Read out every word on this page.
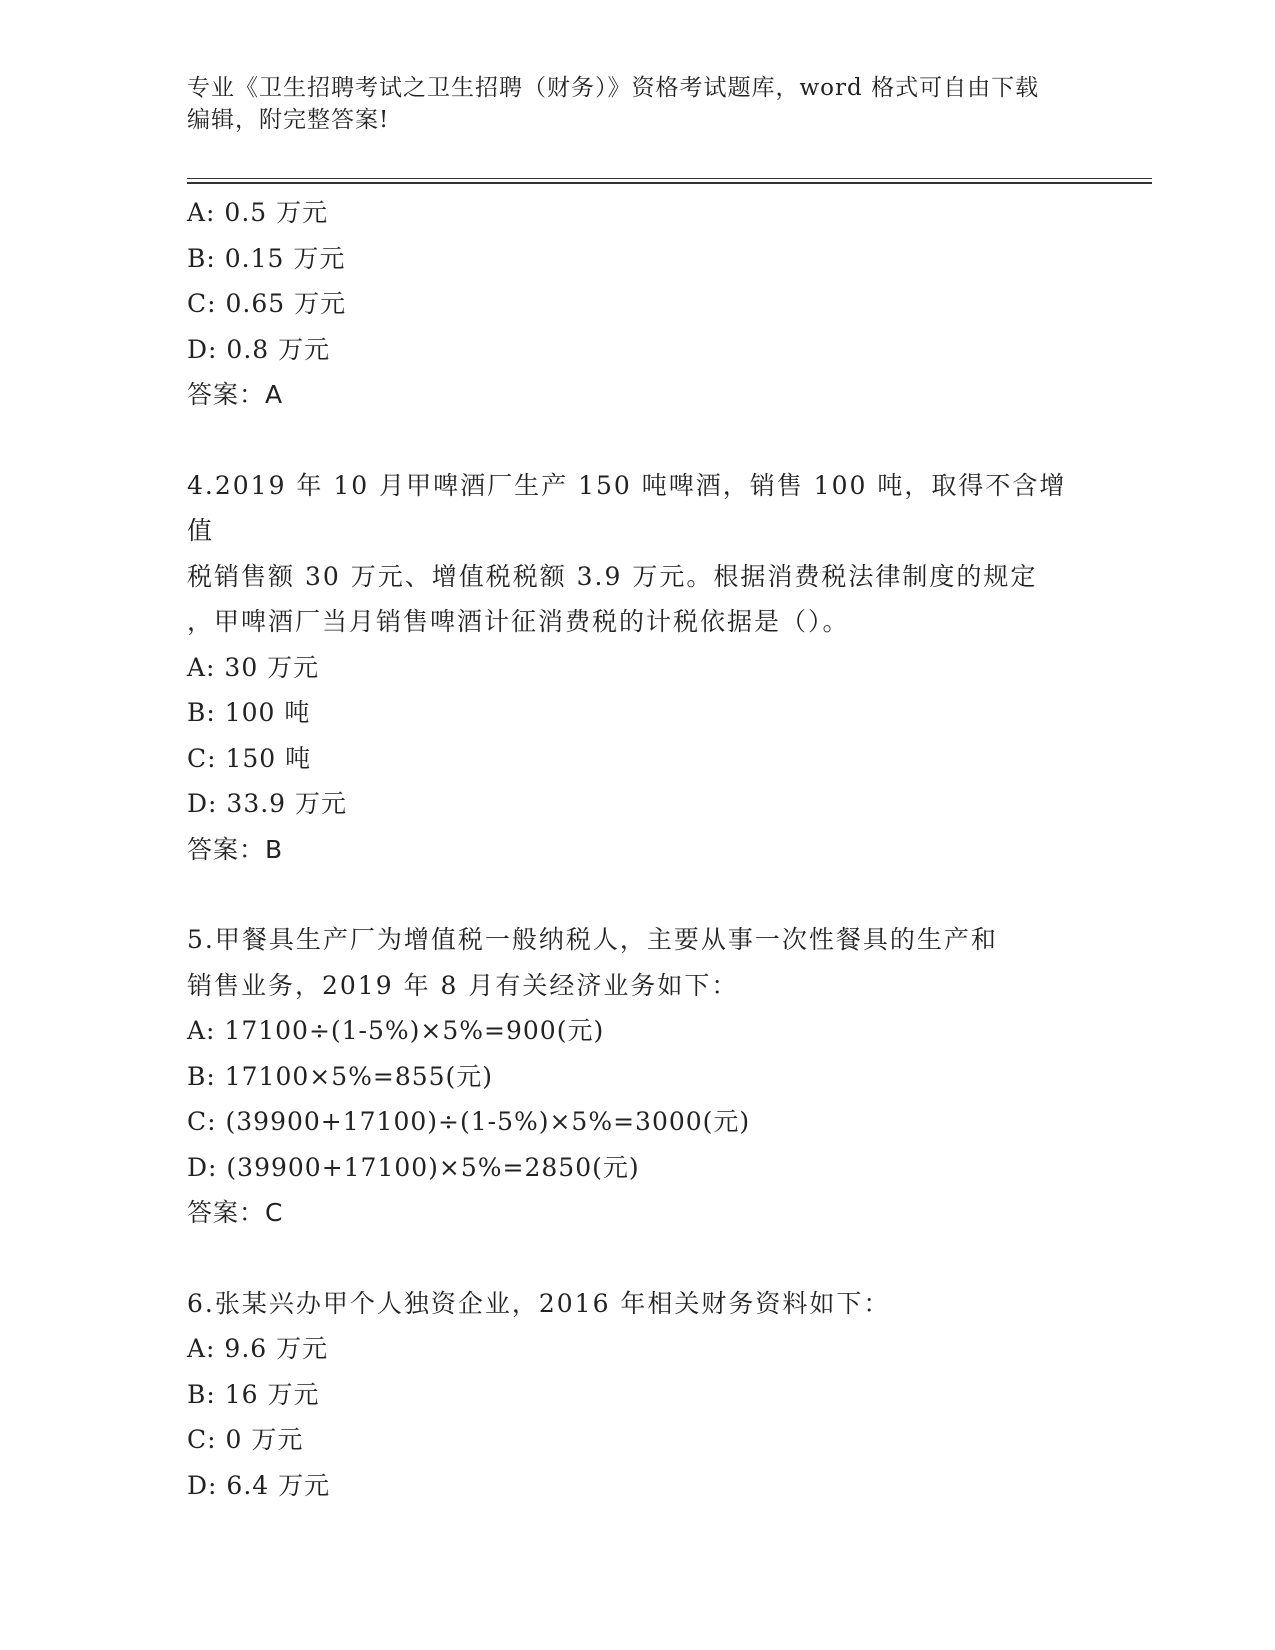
专业《卫生招聘考试之卫生招聘（财务）》资格考试题库，word 格式可自由下载
编辑，附完整答案!
A: 0.5 万元
B: 0.15 万元
C: 0.65 万元
D: 0.8 万元
答案：A
4.2019 年 10 月甲啤酒厂生产 150 吨啤酒，销售 100 吨，取得不含增值
税销售额 30 万元、增值税税额 3.9 万元。根据消费税法律制度的规定
，甲啤酒厂当月销售啤酒计征消费税的计税依据是（）。
A: 30 万元
B: 100 吨
C: 150 吨
D: 33.9 万元
答案：B
5.甲餐具生产厂为增值税一般纳税人，主要从事一次性餐具的生产和
销售业务，2019 年 8 月有关经济业务如下：
A: 17100÷(1-5%)×5%=900(元)
B: 17100×5%=855(元)
C: (39900+17100)÷(1-5%)×5%=3000(元)
D: (39900+17100)×5%=2850(元)
答案：C
6.张某兴办甲个人独资企业，2016 年相关财务资料如下：
A: 9.6 万元
B: 16 万元
C: 0 万元
D: 6.4 万元
